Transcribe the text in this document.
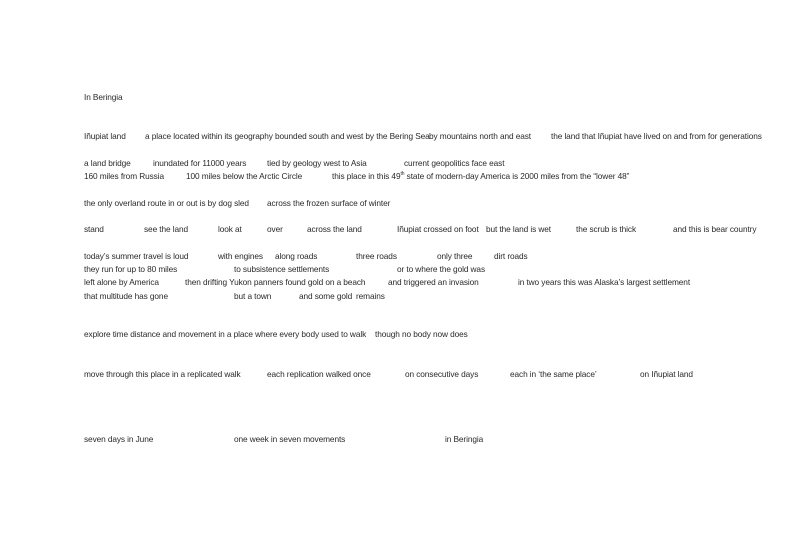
In Beringia
Iñupiat land a place located within its geography bounded south and west by the Bering Sea by mountains north and east the land that Iñupiat have lived on and from for generations
a land bridge	inundated for 11000 years tied by geology west to Asia	current geopolitics face east
160 miles from Russia	100 miles below the Arctic Circle	this place in this 49th state of modern-day America is 2000 miles from the “lower 48”
the only overland route in or out is by dog sled across the frozen surface of winter
stand	see the land	look at	over	across the land	Iñupiat crossed on foot but the land is wet	the scrub is thick	and this is bear country
today’s summer travel is loud	with engines along roads	three roads	only three	dirt roads
they run for up to 80 miles	to subsistence settlements	or to where the gold was
left alone by America	then drifting Yukon panners found gold on a beach	and triggered an invasion	in two years this was Alaska’s largest settlement
that multitude has gone	but a town	and some gold remains
explore time distance and movement in a place where every body used to walk though no body now does
move through this place in a replicated walk	each replication walked once	on consecutive days	each in ‘the same place’	on Iñupiat land
seven days in June	one week in seven movements	in Beringia
